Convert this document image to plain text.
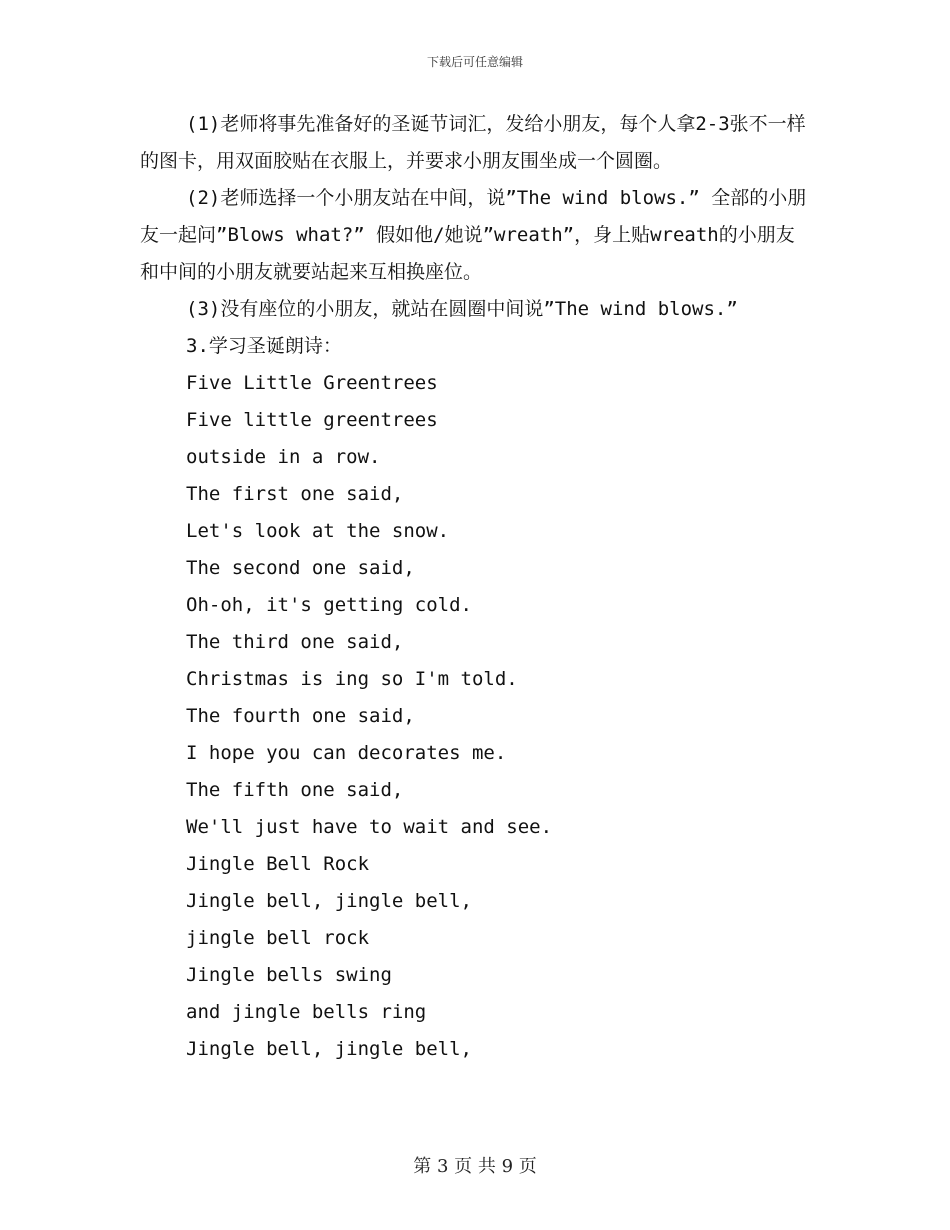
下载后可任意编辑

(1)老师将事先准备好的圣诞节词汇，发给小朋友，每个人拿2-3张不一样的图卡，用双面胶贴在衣服上，并要求小朋友围坐成一个圆圈。

(2)老师选择一个小朋友站在中间，说”The wind blows.” 全部的小朋友一起问”Blows what?” 假如他/她说”wreath”，身上贴wreath的小朋友和中间的小朋友就要站起来互相换座位。

(3)没有座位的小朋友，就站在圆圈中间说”The wind blows.”
3.学习圣诞朗诗：
Five Little Greentrees
Five little greentrees
outside in a row.
The first one said,
Let's look at the snow.
The second one said,
Oh-oh, it's getting cold.
The third one said,
Christmas is ing so I'm told.
The fourth one said,
I hope you can decorates me.
The fifth one said,
We'll just have to wait and see.
Jingle Bell Rock
Jingle bell, jingle bell,
jingle bell rock
Jingle bells swing
and jingle bells ring
Jingle bell, jingle bell,
第 3 页 共 9 页
